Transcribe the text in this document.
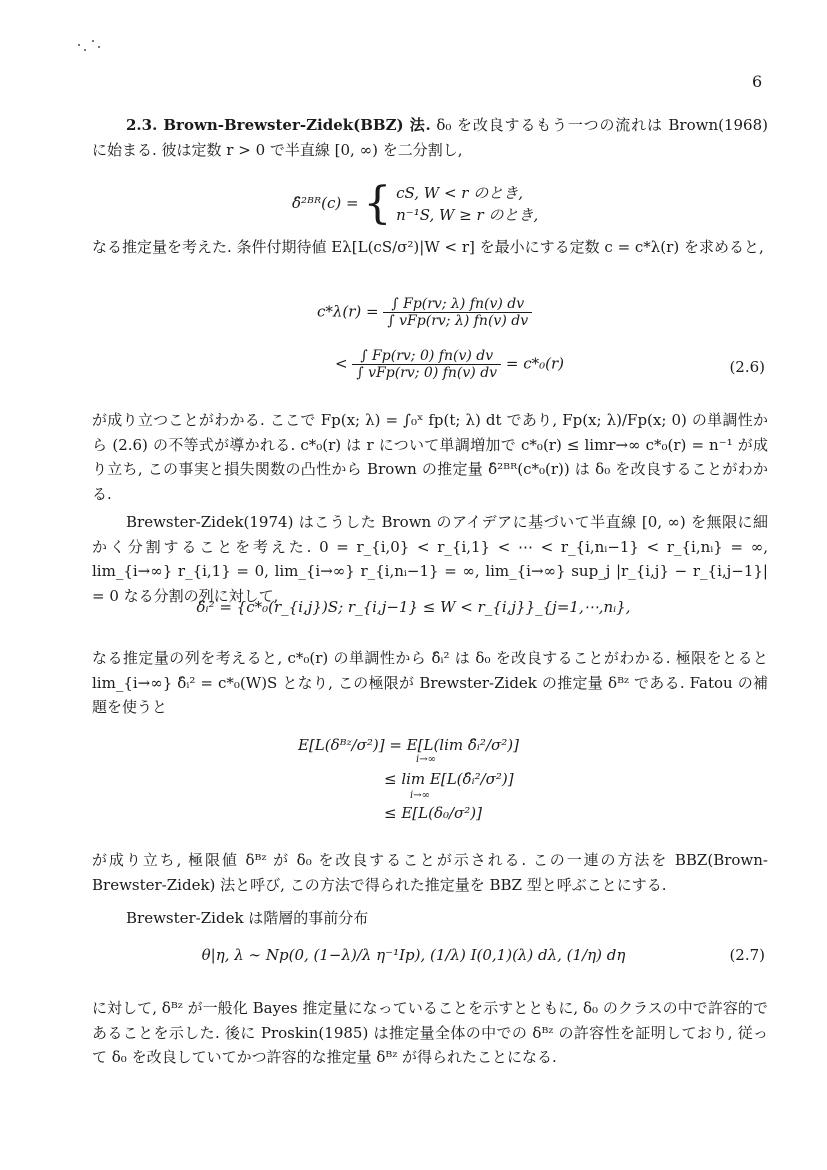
6
2.3. Brown-Brewster-Zidek(BBZ) 法. δ₀ を改良するもう一つの流れは Brown(1968) に始まる. 彼は定数 r > 0 で半直線 [0, ∞) を二分割し,
δ̂²ᴮᴿ(c) = { cS, W < r のとき,
n⁻¹S, W ≥ r のとき,
なる推定量を考えた. 条件付期待値 Eλ[L(cS/σ²)|W < r] を最小にする定数 c = c*λ(r) を求めると,
$c*\lambda(r) = \frac{\int Fp(rv; \lambda) fn(v) dv}{\text{∫ vFp(rv; λ) fn(v) dv}}$
< $\frac{\int Fp(rv; 0) fn(v) dv}{\text{∫ vFp(rv; 0) fn(v) dv}} = c*_0(r)$	(2.6)
が成り立つことがわかる. ここで Fp(x; λ) = ∫₀ˣ fp(t; λ) dt であり, Fp(x; λ)/Fp(x; 0) の単調性から (2.6) の不等式が導かれる. c*₀(r) は r について単調増加で c*₀(r) ≤ limr→∞ c*₀(r) = n⁻¹ が成り立ち, この事実と損失関数の凸性から Brown の推定量 δ̂²ᴮᴿ(c*₀(r)) は δ₀ を改良することがわかる.
Brewster-Zidek(1974) はこうした Brown のアイデアに基づいて半直線 [0, ∞) を無限に細かく分割することを考えた. 0 = r_{i,0} < r_{i,1} < ⋯ < r_{i,nᵢ−1} < r_{i,nᵢ} = ∞, lim_{i→∞} r_{i,1} = 0, lim_{i→∞} r_{i,nᵢ−1} = ∞, lim_{i→∞} sup_j |r_{i,j} − r_{i,j−1}| = 0 なる分割の列に対して,
δ̂ᵢ² = {c*₀(r_{i,j})S; r_{i,j−1} ≤ W < r_{i,j}}_{j=1,⋯,nᵢ},
なる推定量の列を考えると, c*₀(r) の単調性から δ̂ᵢ² は δ₀ を改良することがわかる. 極限をとると lim_{i→∞} δ̂ᵢ² = c*₀(W)S となり, この極限が Brewster-Zidek の推定量 δᴮᶻ である. Fatou の補題を使うと
E[L(δᴮᶻ/σ²)] = E[L(lim δ̂ᵢ²/σ²)]
i→∞
≤ lim E[L(δ̂ᵢ²/σ²)]
i→∞
≤ E[L(δ₀/σ²)]
が成り立ち, 極限値 δᴮᶻ が δ₀ を改良することが示される. この一連の方法を BBZ(Brown-Brewster-Zidek) 法と呼び, この方法で得られた推定量を BBZ 型と呼ぶことにする.
Brewster-Zidek は階層的事前分布
θ|η, λ ∼ Np(0, (1−λ)/λ η⁻¹Ip), (1/λ) I(0,1)(λ) dλ, (1/η) dη	(2.7)
に対して, δᴮᶻ が一般化 Bayes 推定量になっていることを示すとともに, δ₀ のクラスの中で許容的であることを示した. 後に Proskin(1985) は推定量全体の中での δᴮᶻ の許容性を証明しており, 従って δ₀ を改良していてかつ許容的な推定量 δᴮᶻ が得られたことになる.
